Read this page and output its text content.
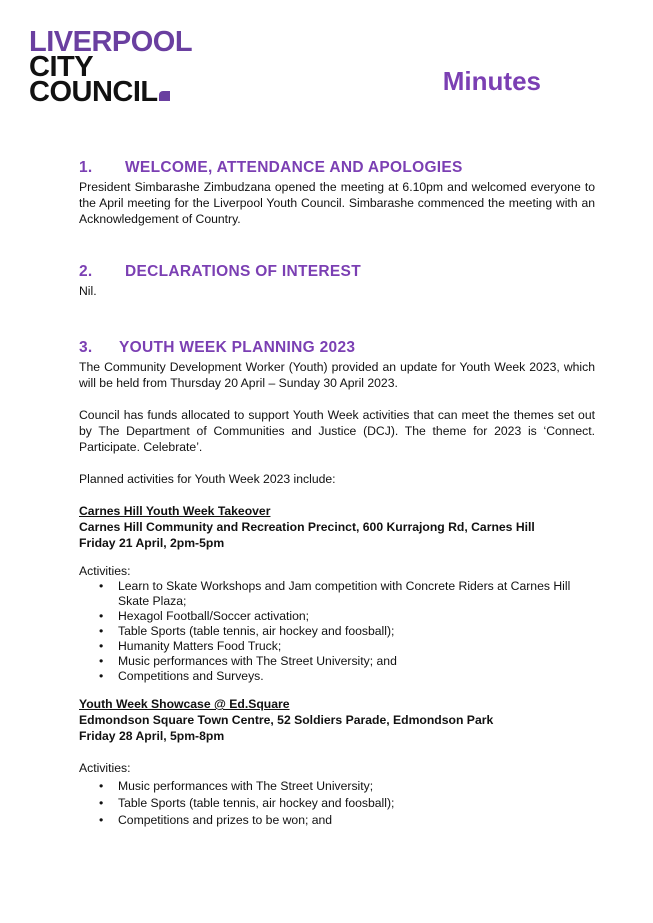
LIVERPOOL
CITY
COUNCIL	Minutes
1. WELCOME, ATTENDANCE AND APOLOGIES

President Simbarashe Zimbudzana opened the meeting at 6.10pm and welcomed everyone to the April meeting for the Liverpool Youth Council. Simbarashe commenced the meeting with an Acknowledgement of Country.

2. DECLARATIONS OF INTEREST

Nil.

3. YOUTH WEEK PLANNING 2023

The Community Development Worker (Youth) provided an update for Youth Week 2023, which will be held from Thursday 20 April – Sunday 30 April 2023.

Council has funds allocated to support Youth Week activities that can meet the themes set out by The Department of Communities and Justice (DCJ). The theme for 2023 is ‘Connect. Participate. Celebrate’.

Planned activities for Youth Week 2023 include:

Carnes Hill Youth Week Takeover
Carnes Hill Community and Recreation Precinct, 600 Kurrajong Rd, Carnes Hill
Friday 21 April, 2pm-5pm
Activities:
• Learn to Skate Workshops and Jam competition with Concrete Riders at Carnes Hill Skate Plaza;
• Hexagol Football/Soccer activation;
• Table Sports (table tennis, air hockey and foosball);
• Humanity Matters Food Truck;
• Music performances with The Street University; and
• Competitions and Surveys.
Youth Week Showcase @ Ed.Square
Edmondson Square Town Centre, 52 Soldiers Parade, Edmondson Park
Friday 28 April, 5pm-8pm
Activities:
• Music performances with The Street University;
• Table Sports (table tennis, air hockey and foosball);
• Competitions and prizes to be won; and
